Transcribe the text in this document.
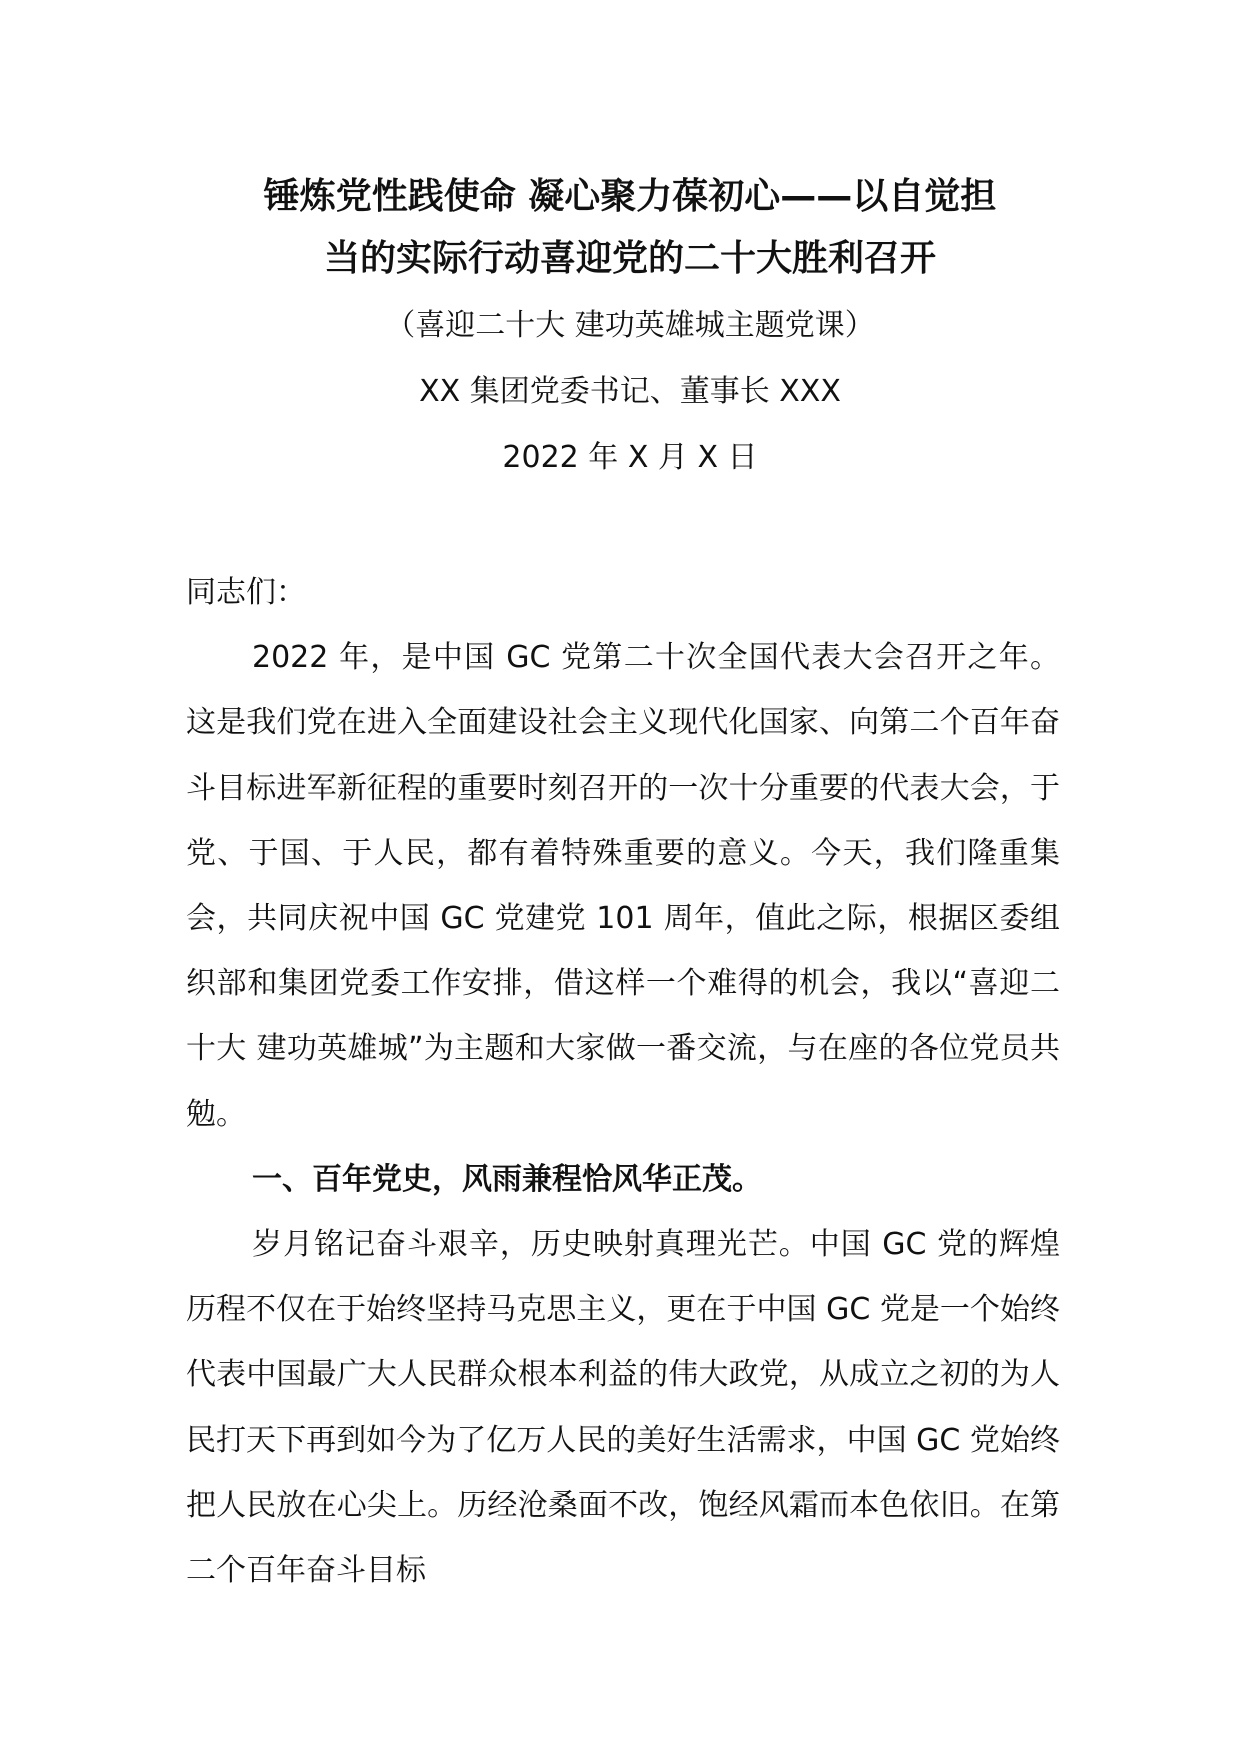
锤炼党性践使命 凝心聚力葆初心——以自觉担
当的实际行动喜迎党的二十大胜利召开

（喜迎二十大 建功英雄城主题党课）

XX 集团党委书记、董事长 XXX

2022 年 X 月 X 日

同志们：

2022 年，是中国 GC 党第二十次全国代表大会召开之年。这是我们党在进入全面建设社会主义现代化国家、向第二个百年奋斗目标进军新征程的重要时刻召开的一次十分重要的代表大会，于党、于国、于人民，都有着特殊重要的意义。今天，我们隆重集会，共同庆祝中国 GC 党建党 101 周年，值此之际，根据区委组织部和集团党委工作安排，借这样一个难得的机会，我以“喜迎二十大 建功英雄城”为主题和大家做一番交流，与在座的各位党员共勉。

一、百年党史，风雨兼程恰风华正茂。

岁月铭记奋斗艰辛，历史映射真理光芒。中国 GC 党的辉煌历程不仅在于始终坚持马克思主义，更在于中国 GC 党是一个始终代表中国最广大人民群众根本利益的伟大政党，从成立之初的为人民打天下再到如今为了亿万人民的美好生活需求，中国 GC 党始终把人民放在心尖上。历经沧桑面不改，饱经风霜而本色依旧。在第二个百年奋斗目标
